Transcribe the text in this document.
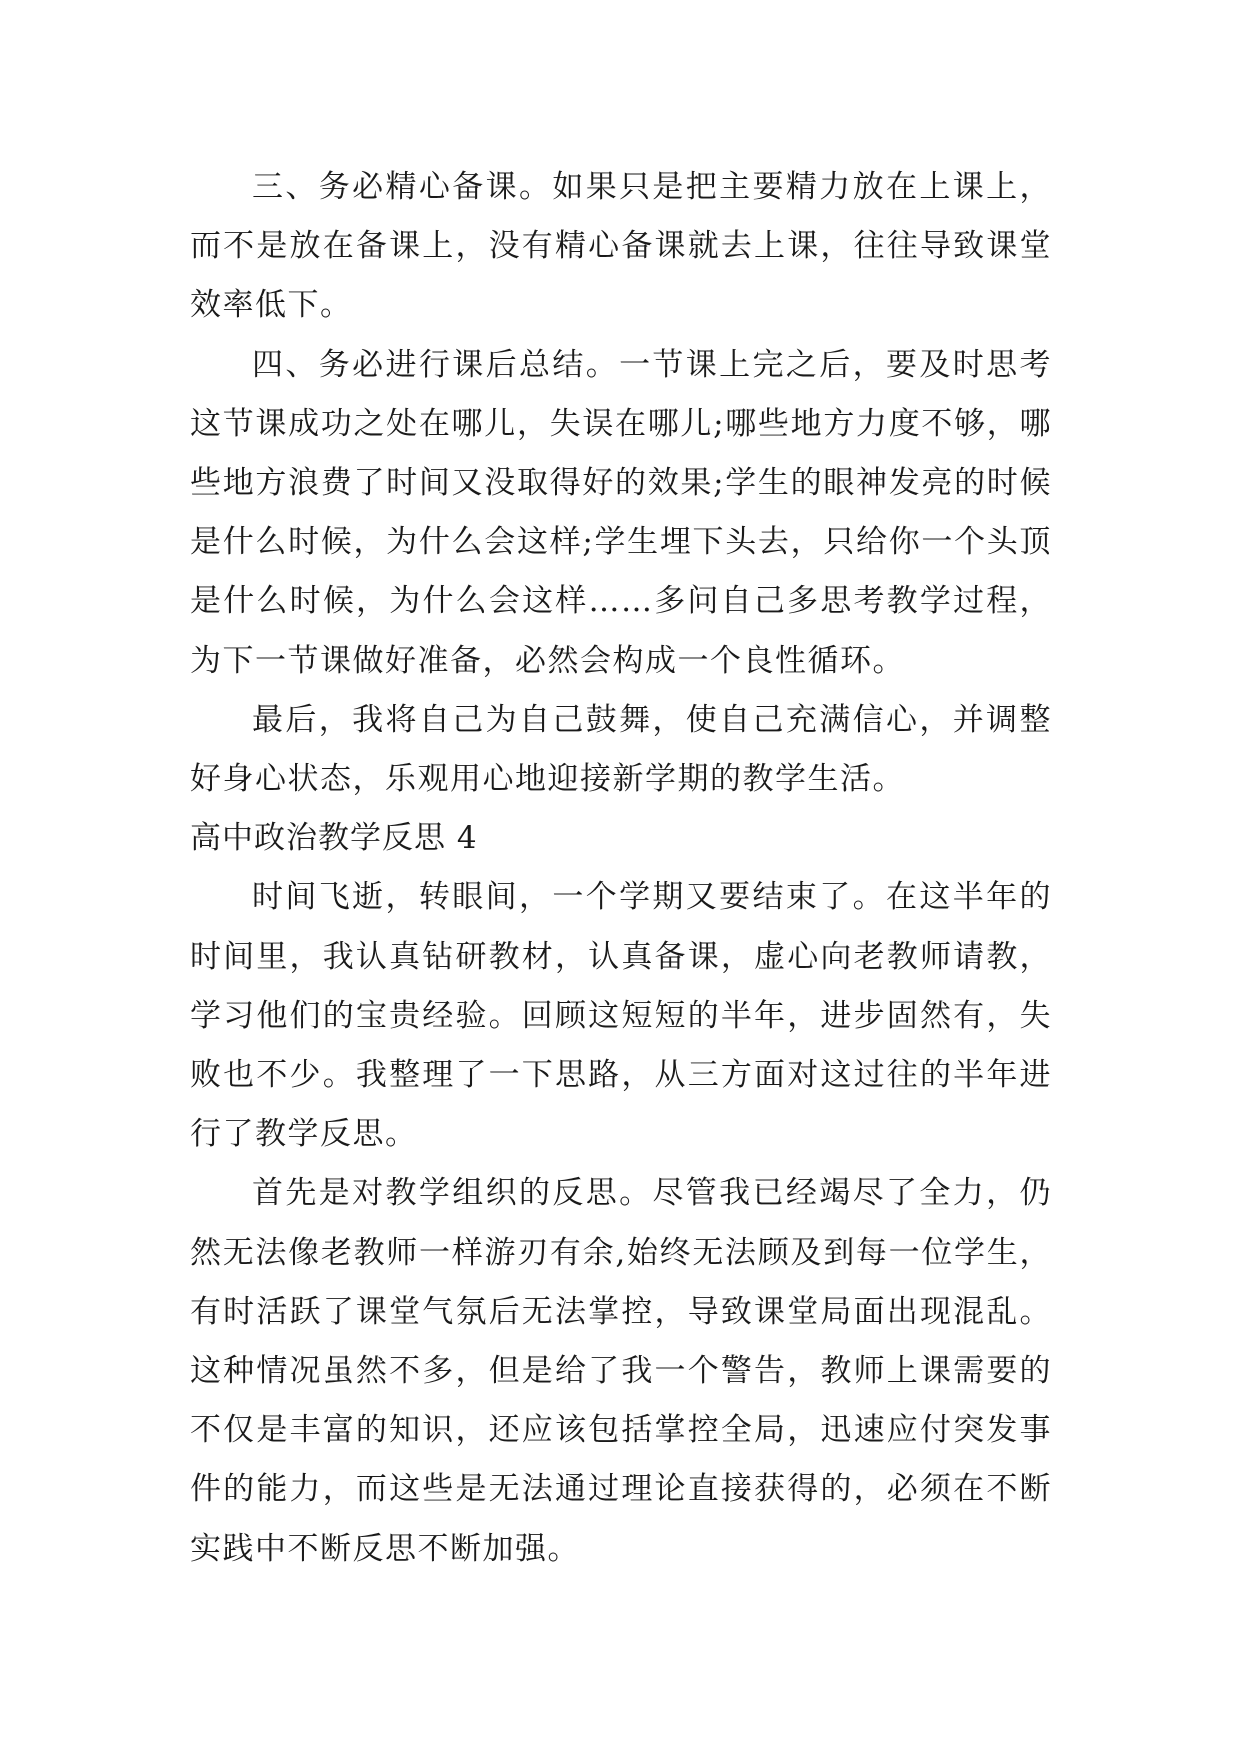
三、务必精心备课。如果只是把主要精力放在上课上，而不是放在备课上，没有精心备课就去上课，往往导致课堂效率低下。

四、务必进行课后总结。一节课上完之后，要及时思考这节课成功之处在哪儿，失误在哪儿;哪些地方力度不够，哪些地方浪费了时间又没取得好的效果;学生的眼神发亮的时候是什么时候，为什么会这样;学生埋下头去，只给你一个头顶是什么时候，为什么会这样……多问自己多思考教学过程，为下一节课做好准备，必然会构成一个良性循环。

最后，我将自己为自己鼓舞，使自己充满信心，并调整好身心状态，乐观用心地迎接新学期的教学生活。

高中政治教学反思 4

时间飞逝，转眼间，一个学期又要结束了。在这半年的时间里，我认真钻研教材，认真备课，虚心向老教师请教，学习他们的宝贵经验。回顾这短短的半年，进步固然有，失败也不少。我整理了一下思路，从三方面对这过往的半年进行了教学反思。

首先是对教学组织的反思。尽管我已经竭尽了全力，仍然无法像老教师一样游刃有余,始终无法顾及到每一位学生，有时活跃了课堂气氛后无法掌控，导致课堂局面出现混乱。这种情况虽然不多，但是给了我一个警告，教师上课需要的不仅是丰富的知识，还应该包括掌控全局，迅速应付突发事件的能力，而这些是无法通过理论直接获得的，必须在不断实践中不断反思不断加强。
